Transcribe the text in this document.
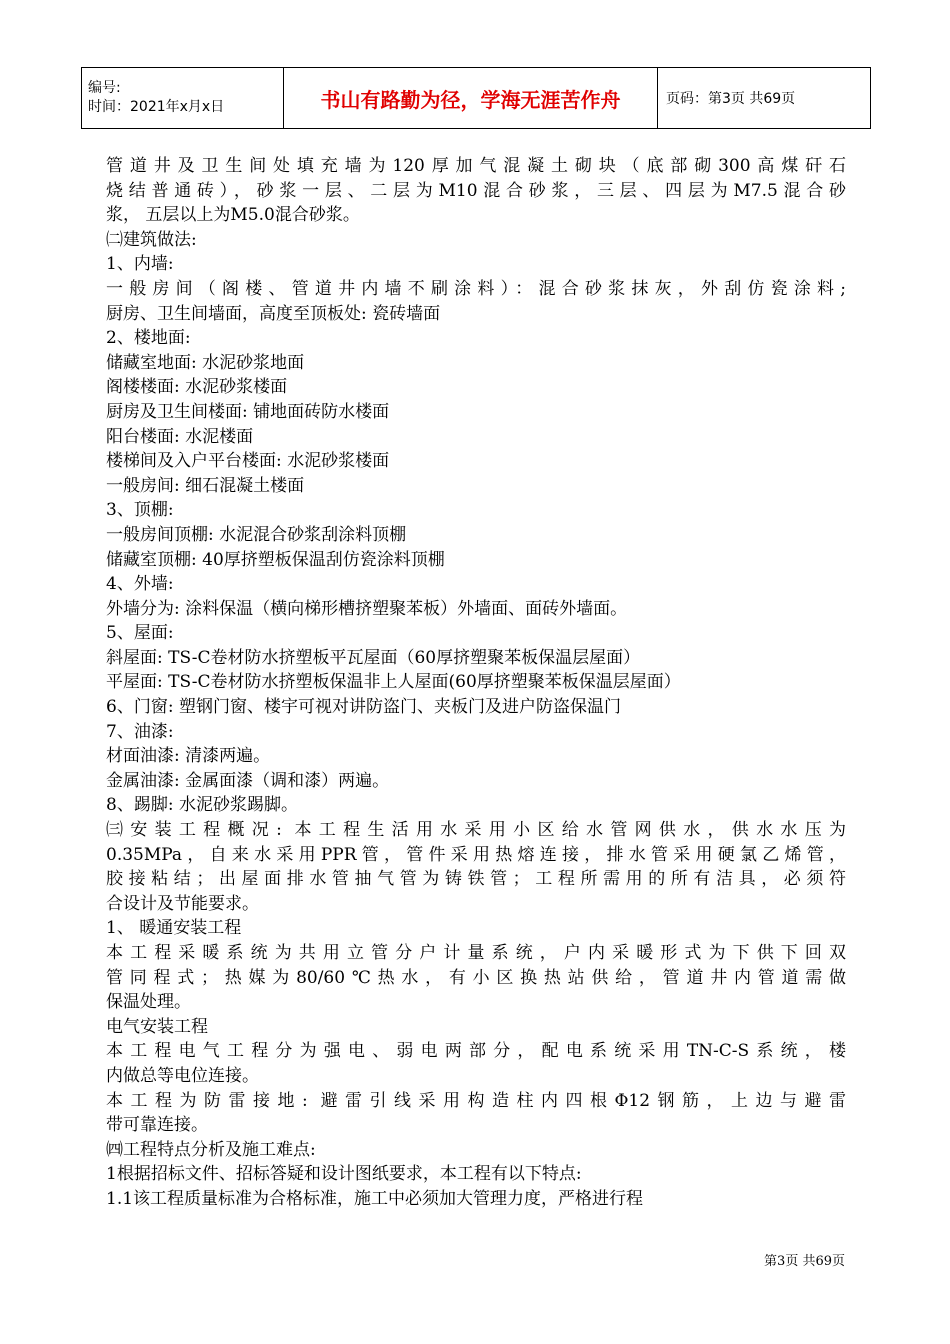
编号:
时间：2021年x月x日	书山有路勤为径，学海无涯苦作舟	页码：第3页 共69页
管道井及卫生间处填充墙为120厚加气混凝土砌块（底部砌300高煤矸石
烧结普通砖），砂浆一层、二层为M10混合砂浆，三层、四层为M7.5混合砂
浆， 五层以上为M5.0混合砂浆。
㈡建筑做法:
1、内墙:
一般房间（阁楼、管道井内墙不刷涂料）：混合砂浆抹灰，外刮仿瓷涂料;
厨房、卫生间墙面，高度至顶板处: 瓷砖墙面
2、楼地面:
储藏室地面: 水泥砂浆地面
阁楼楼面: 水泥砂浆楼面
厨房及卫生间楼面: 铺地面砖防水楼面
阳台楼面: 水泥楼面
楼梯间及入户平台楼面: 水泥砂浆楼面
一般房间: 细石混凝土楼面
3、顶棚:
一般房间顶棚: 水泥混合砂浆刮涂料顶棚
储藏室顶棚: 40厚挤塑板保温刮仿瓷涂料顶棚
4、外墙:
外墙分为: 涂料保温（横向梯形槽挤塑聚苯板）外墙面、面砖外墙面。
5、屋面:
斜屋面: TS-C卷材防水挤塑板平瓦屋面（60厚挤塑聚苯板保温层屋面）
平屋面: TS-C卷材防水挤塑板保温非上人屋面(60厚挤塑聚苯板保温层屋面）
6、门窗: 塑钢门窗、楼宇可视对讲防盗门、夹板门及进户防盗保温门
7、油漆:
材面油漆: 清漆两遍。
金属油漆: 金属面漆（调和漆）两遍。
8、踢脚: 水泥砂浆踢脚。
㈢安装工程概况: 本工程生活用水采用小区给水管网供水，供水水压为
0.35MPa，自来水采用PPR管，管件采用热熔连接，排水管采用硬氯乙烯管，
胶接粘结；出屋面排水管抽气管为铸铁管；工程所需用的所有洁具，必须符
合设计及节能要求。
1、 暖通安装工程
本工程采暖系统为共用立管分户计量系统，户内采暖形式为下供下回双
管同程式；热媒为80/60℃热水，有小区换热站供给，管道井内管道需做
保温处理。
电气安装工程
本工程电气工程分为强电、弱电两部分，配电系统采用TN-C-S系统，楼
内做总等电位连接。
本工程为防雷接地: 避雷引线采用构造柱内四根Φ12钢筋，上边与避雷
带可靠连接。
㈣工程特点分析及施工难点:
1根据招标文件、招标答疑和设计图纸要求，本工程有以下特点:
1.1该工程质量标准为合格标准，施工中必须加大管理力度，严格进行程
第3页 共69页
